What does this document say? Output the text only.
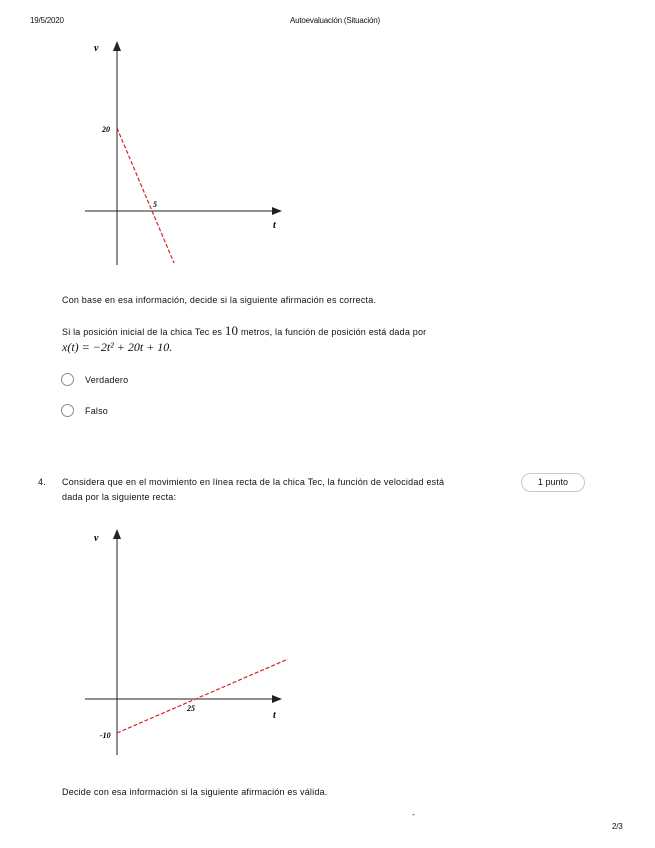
19/5/2020	Autoevaluación (Situación)
v
t
20
5
Con base en esa información, decide si la siguiente afirmación es correcta.
Si la posición inicial de la chica Tec es 10 metros, la función de posición está dada por
x(t) = −2t² + 20t + 10.
Verdadero
Falso
4. Considera que en el movimiento en línea recta de la chica Tec, la función de velocidad está
dada por la siguiente recta:
1 punto
v
t
-10
25
Decide con esa información si la siguiente afirmación es válida.
-
2/3
